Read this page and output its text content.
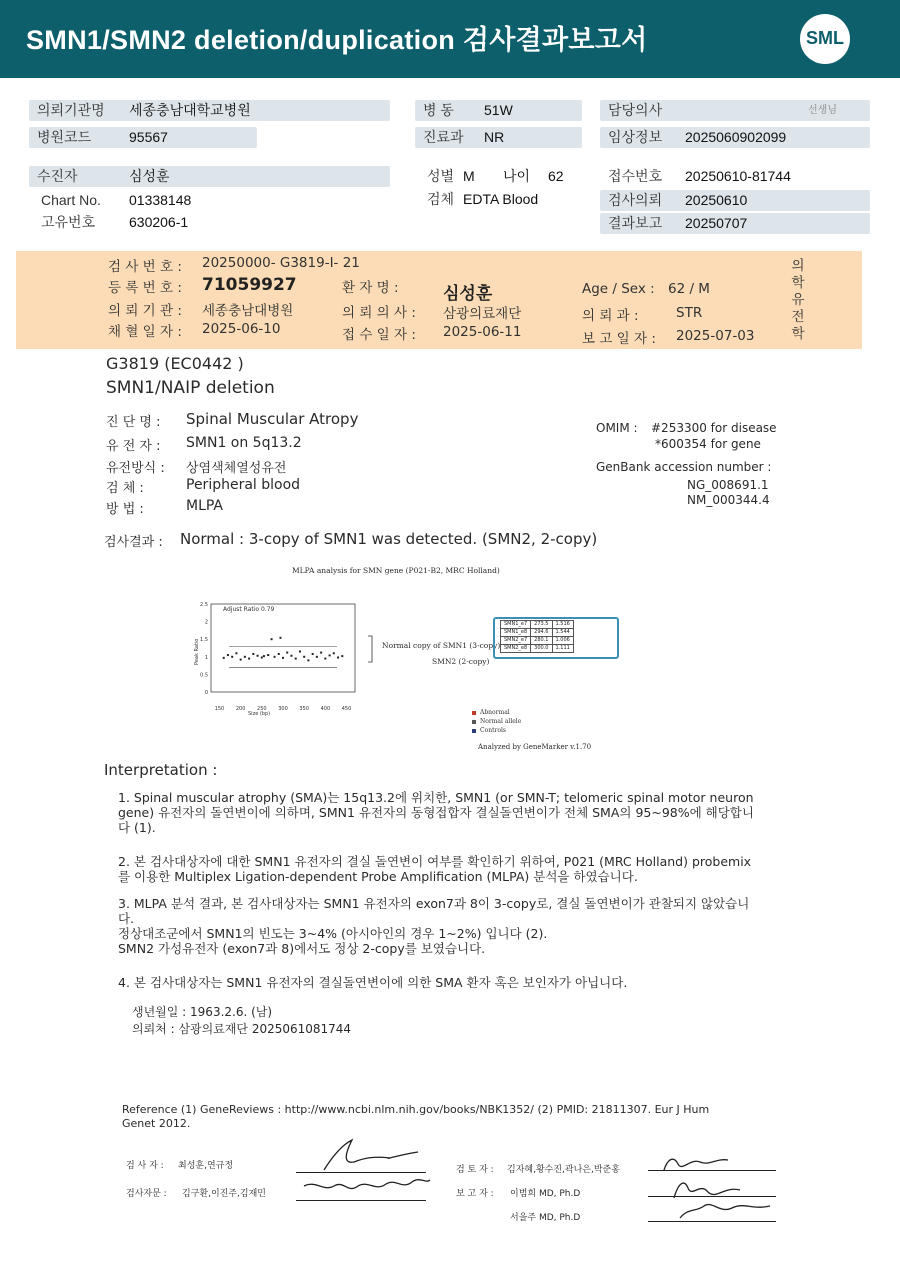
SMN1/SMN2 deletion/duplication 검사결과보고서	SML
의뢰기관명 세종충남대학교병원
병원코드	95567
병 동 51W
진료과 NR
담당의사	선생님
임상정보 2025060902099
수진자	심성훈
Chart No. 01338148
고유번호 630206-1
성별 M 나이 62
검체 EDTA Blood
접수번호 20250610-81744
검사의뢰 20250610
결과보고 20250707
검 사 번 호 : 20250000- G3819-I- 21
등 록 번 호 : 71059927	환 자 명 :	심성훈	Age / Sex : 62 / M
의 뢰 기 관 : 세종충남대병원	의 뢰 의 사 : 삼광의료재단	의 뢰 과 :	STR
채 혈 일 자 : 2025-06-10	접 수 일 자 : 2025-06-11	보 고 일 자 : 2025-07-03
의학유전학
G3819 (EC0442 )
SMN1/NAIP deletion
진 단 명 : Spinal Muscular Atropy
유 전 자 : SMN1 on 5q13.2
유전방식 : 상염색체열성유전
검 체 :	Peripheral blood
방 법 :	MLPA
OMIM : #253300 for disease
*600354 for gene
GenBank accession number :
NG_008691.1
NM_000344.4
검사결과 : Normal : 3-copy of SMN1 was detected. (SMN2, 2-copy)
MLPA analysis for SMN gene (P021-B2, MRC Holland)
Adjust Ratio 0.79
Peak Ratio
0
0.5
1
1.5
2
2.5
150 200 250 300 350 400 450
Size (bp)
Normal copy of SMN1 (3-copy)
SMN2 (2-copy)
SMN1_e7	273.5	1.516
SMN1_e8	294.6	1.544
SMN2_e7	280.1	1.006
SMN2_e8	300.0	1.111
Abnormal
Normal allele
Controls
Analyzed by GeneMarker v.1.70
Interpretation :
1. Spinal muscular atrophy (SMA)는 15q13.2에 위치한, SMN1 (or SMN-T; telomeric spinal motor neuron gene) 유전자의 돌연변이에 의하며, SMN1 유전자의 동형접합자 결실돌연변이가 전체 SMA의 95~98%에 해당합니다 (1).
2. 본 검사대상자에 대한 SMN1 유전자의 결실 돌연변이 여부를 확인하기 위하여, P021 (MRC Holland) probemix를 이용한 Multiplex Ligation-dependent Probe Amplification (MLPA) 분석을 하였습니다.
3. MLPA 분석 결과, 본 검사대상자는 SMN1 유전자의 exon7과 8이 3-copy로, 결실 돌연변이가 관찰되지 않았습니다.
정상대조군에서 SMN1의 빈도는 3~4% (아시아인의 경우 1~2%) 입니다 (2).
SMN2 가성유전자 (exon7과 8)에서도 정상 2-copy를 보였습니다.
4. 본 검사대상자는 SMN1 유전자의 결실돌연변이에 의한 SMA 환자 혹은 보인자가 아닙니다.
생년월일 : 1963.2.6. (남)
의뢰처 : 삼광의료재단 2025061081744
Reference (1) GeneReviews : http://www.ncbi.nlm.nih.gov/books/NBK1352/ (2) PMID: 21811307. Eur J Hum Genet 2012.
검 사 자 : 최성훈,연규정
검사자문 : 김구환,이진주,김재민
검 토 자 : 김자혜,황수진,곽나은,박준홍
보 고 자 : 이범희 MD, Ph.D
서을주 MD, Ph.D
